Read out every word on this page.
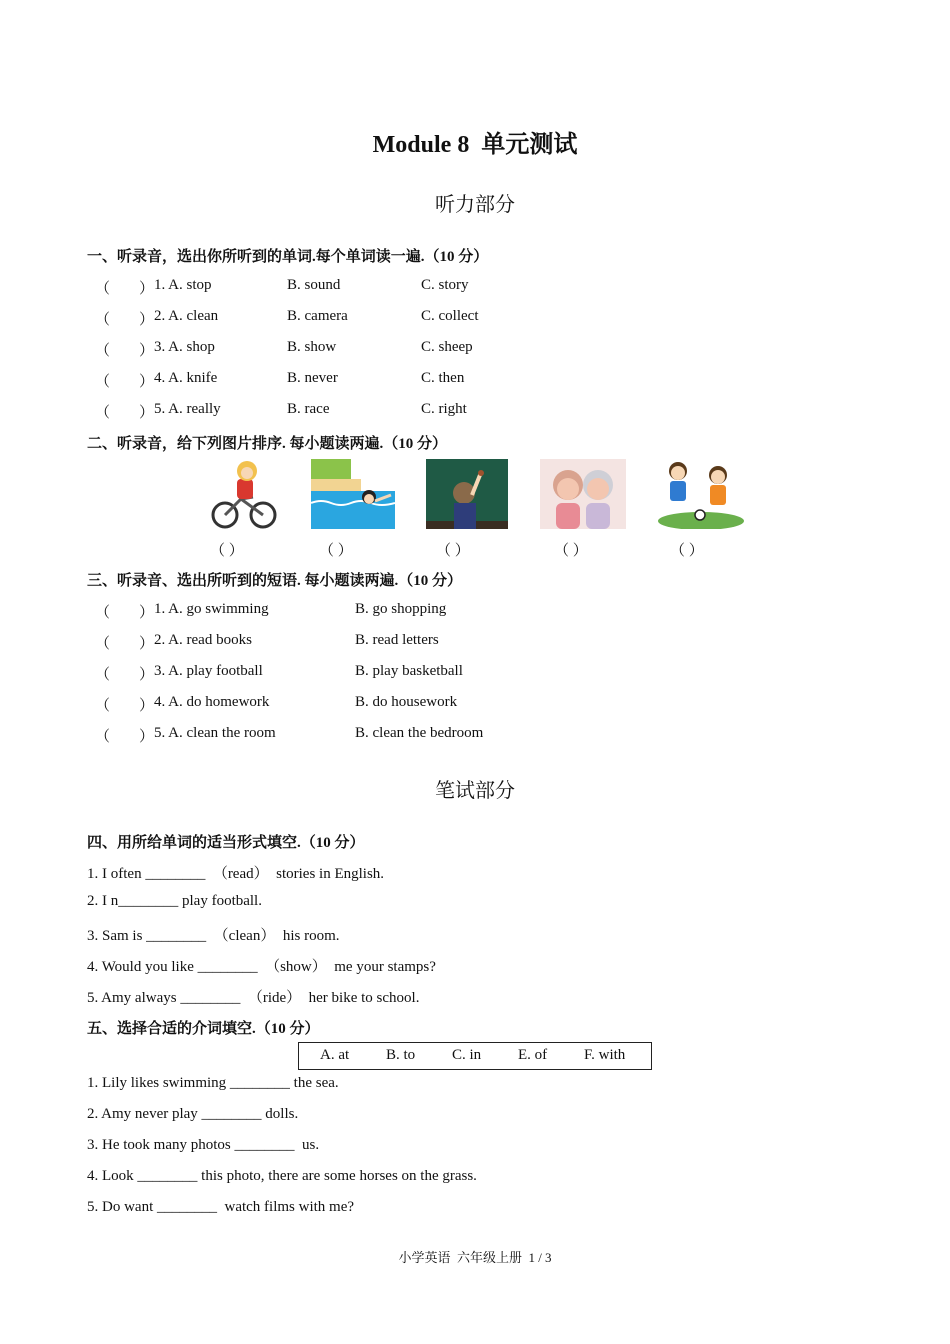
Module 8  单元测试
听力部分
一、听录音，选出你所听到的单词.每个单词读一遍.（10 分）
（ ） 1. A. stop	B. sound	C. story
（ ） 2. A. clean	B. camera	C. collect
（ ） 3. A. shop	B. show	C. sheep
（ ） 4. A. knife	B. never	C. then
（ ） 5. A. really	B. race	C. right
二、听录音，给下列图片排序. 每小题读两遍.（10 分）
（ ）	（ ）	（ ）	（ ）	（ ）
三、听录音、选出所听到的短语. 每小题读两遍.（10 分）
（ ） 1. A. go swimming	B. go shopping
（ ） 2. A. read books	B. read letters
（ ） 3. A. play football	B. play basketball
（ ） 4. A. do homework	B. do housework
（ ） 5. A. clean the room	B. clean the bedroom
笔试部分
四、用所给单词的适当形式填空.（10 分）
1. I often ________  （read）  stories in English.
2. I n________ play football.
3. Sam is ________  （clean）  his room.
4. Would you like ________  （show）  me your stamps?
5. Amy always ________  （ride）  her bike to school.
五、选择合适的介词填空.（10 分）
A. at B. to C. in E. of F. with
1. Lily likes swimming ________ the sea.
2. Amy never play ________ dolls.
3. He took many photos ________  us.
4. Look ________ this photo, there are some horses on the grass.
5. Do want ________  watch films with me?
小学英语  六年级上册  1 / 3
